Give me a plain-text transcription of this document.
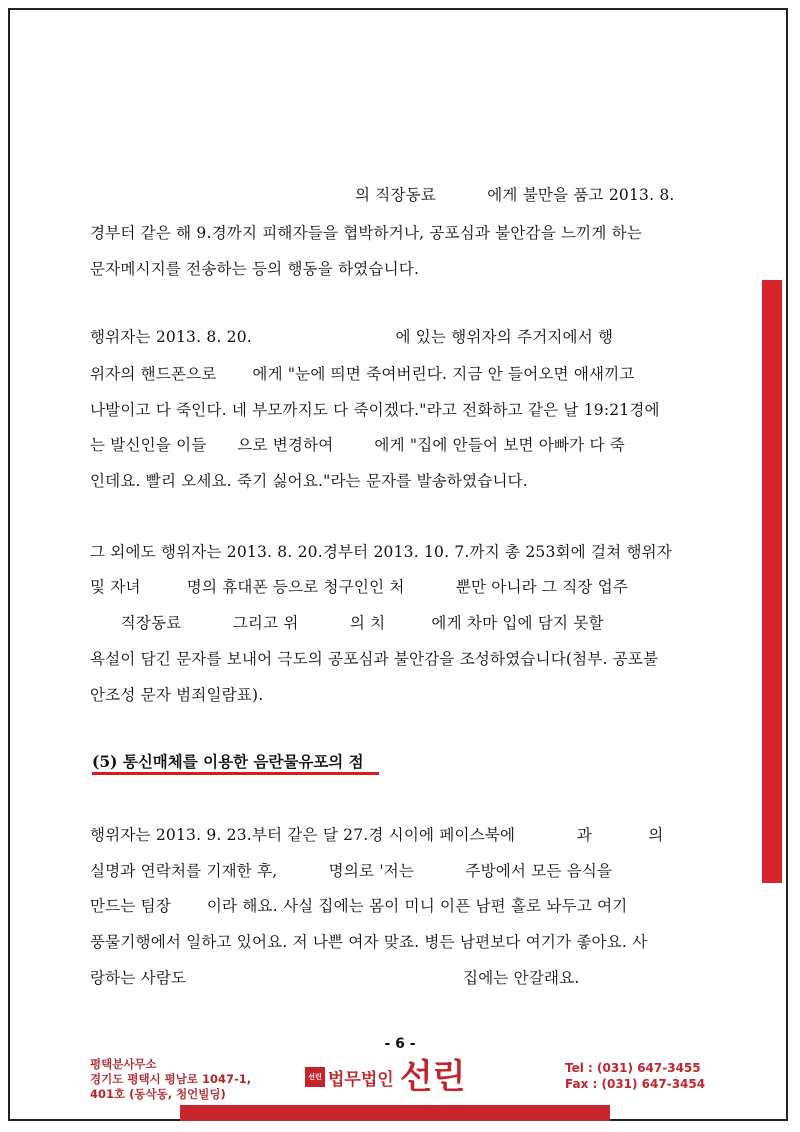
의 직장동료          에게 불만을 품고 2013. 8.
경부터 같은 해 9.경까지 피해자들을 협박하거나, 공포심과 불안감을 느끼게 하는
문자메시지를 전송하는 등의 행동을 하였습니다.
행위자는 2013. 8. 20.                            에 있는 행위자의 주거지에서 행
위자의 핸드폰으로       에게 "눈에 띄면 죽여버린다. 지금 안 들어오면 애새끼고
나발이고 다 죽인다. 네 부모까지도 다 죽이겠다."라고 전화하고 같은 날 19:21경에
는 발신인을 이들      으로 변경하여        에게 "집에 안들어 보면 아빠가 다 죽
인데요. 빨리 오세요. 죽기 싫어요."라는 문자를 발송하였습니다.
그 외에도 행위자는 2013. 8. 20.경부터 2013. 10. 7.까지 총 253회에 걸쳐 행위자
및 자녀         명의 휴대폰 등으로 청구인인 처          뿐만 아니라 그 직장 업주
직장동료          그리고 위          의 치         에게 차마 입에 담지 못할
욕설이 담긴 문자를 보내어 극도의 공포심과 불안감을 조성하였습니다(첨부. 공포불
안조성 문자 범죄일람표).
(5) 통신매체를 이용한 음란물유포의 점
행위자는 2013. 9. 23.부터 같은 달 27.경 시이에 페이스북에            과           의
실명과 연락처를 기재한 후,          명의로 '저는          주방에서 모든 음식을
만드는 팀장       이라 해요. 사실 집에는 몸이 미니 이픈 남편 홀로 놔두고 여기
풍물기행에서 일하고 있어요. 저 나쁜 여자 맞죠. 병든 남편보다 여기가 좋아요. 사
랑하는 사람도                                                      집에는 안갈래요.
- 6 -
평택분사무소
경기도 평택시 평남로 1047-1,
401호 (동삭동, 청언빌딩)
선린 법무법인 선린	Tel : (031) 647-3455
Fax : (031) 647-3454
